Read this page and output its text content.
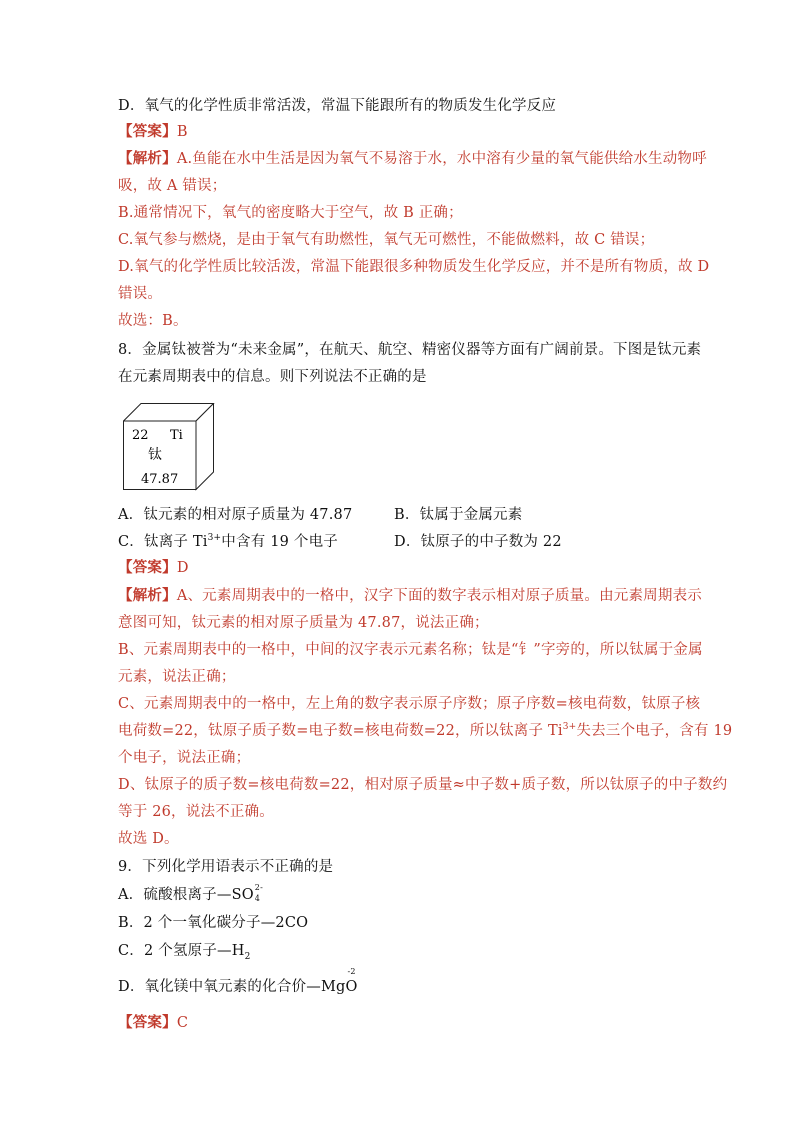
D．氧气的化学性质非常活泼，常温下能跟所有的物质发生化学反应
【答案】B
【解析】A.鱼能在水中生活是因为氧气不易溶于水，水中溶有少量的氧气能供给水生动物呼
吸，故 A 错误；
B.通常情况下，氧气的密度略大于空气，故 B 正确；
C.氧气参与燃烧，是由于氧气有助燃性，氧气无可燃性，不能做燃料，故 C 错误；
D.氧气的化学性质比较活泼，常温下能跟很多种物质发生化学反应，并不是所有物质，故 D
错误。
故选：B。
8．金属钛被誉为“未来金属”，在航天、航空、精密仪器等方面有广阔前景。下图是钛元素
在元素周期表中的信息。则下列说法不正确的是
22 Ti
钛
47.87
A．钛元素的相对原子质量为 47.87	B．钛属于金属元素
C．钛离子 $Ti^{3+}$中含有 19 个电子	D．钛原子的中子数为 22
【答案】D
【解析】A、元素周期表中的一格中，汉字下面的数字表示相对原子质量。由元素周期表示
意图可知，钛元素的相对原子质量为 47.87，说法正确；
B、元素周期表中的一格中，中间的汉字表示元素名称；钛是“钅”字旁的，所以钛属于金属
元素，说法正确；
C、元素周期表中的一格中，左上角的数字表示原子序数；原子序数=核电荷数，钛原子核
电荷数=22，钛原子质子数=电子数=核电荷数=22，所以钛离子 $Ti^{3+}$失去三个电子，含有 19
个电子，说法正确；
D、钛原子的质子数=核电荷数=22，相对原子质量≈中子数+质子数，所以钛原子的中子数约
等于 26，说法不正确。
故选 D。
9．下列化学用语表示不正确的是
A．硫酸根离子—SO 2-
4
B．2 个一氧化碳分子—2CO
C．2 个氢原子$—H_2$
D．氧化镁中氧元素的化合价—Mg
-2
O
【答案】C
